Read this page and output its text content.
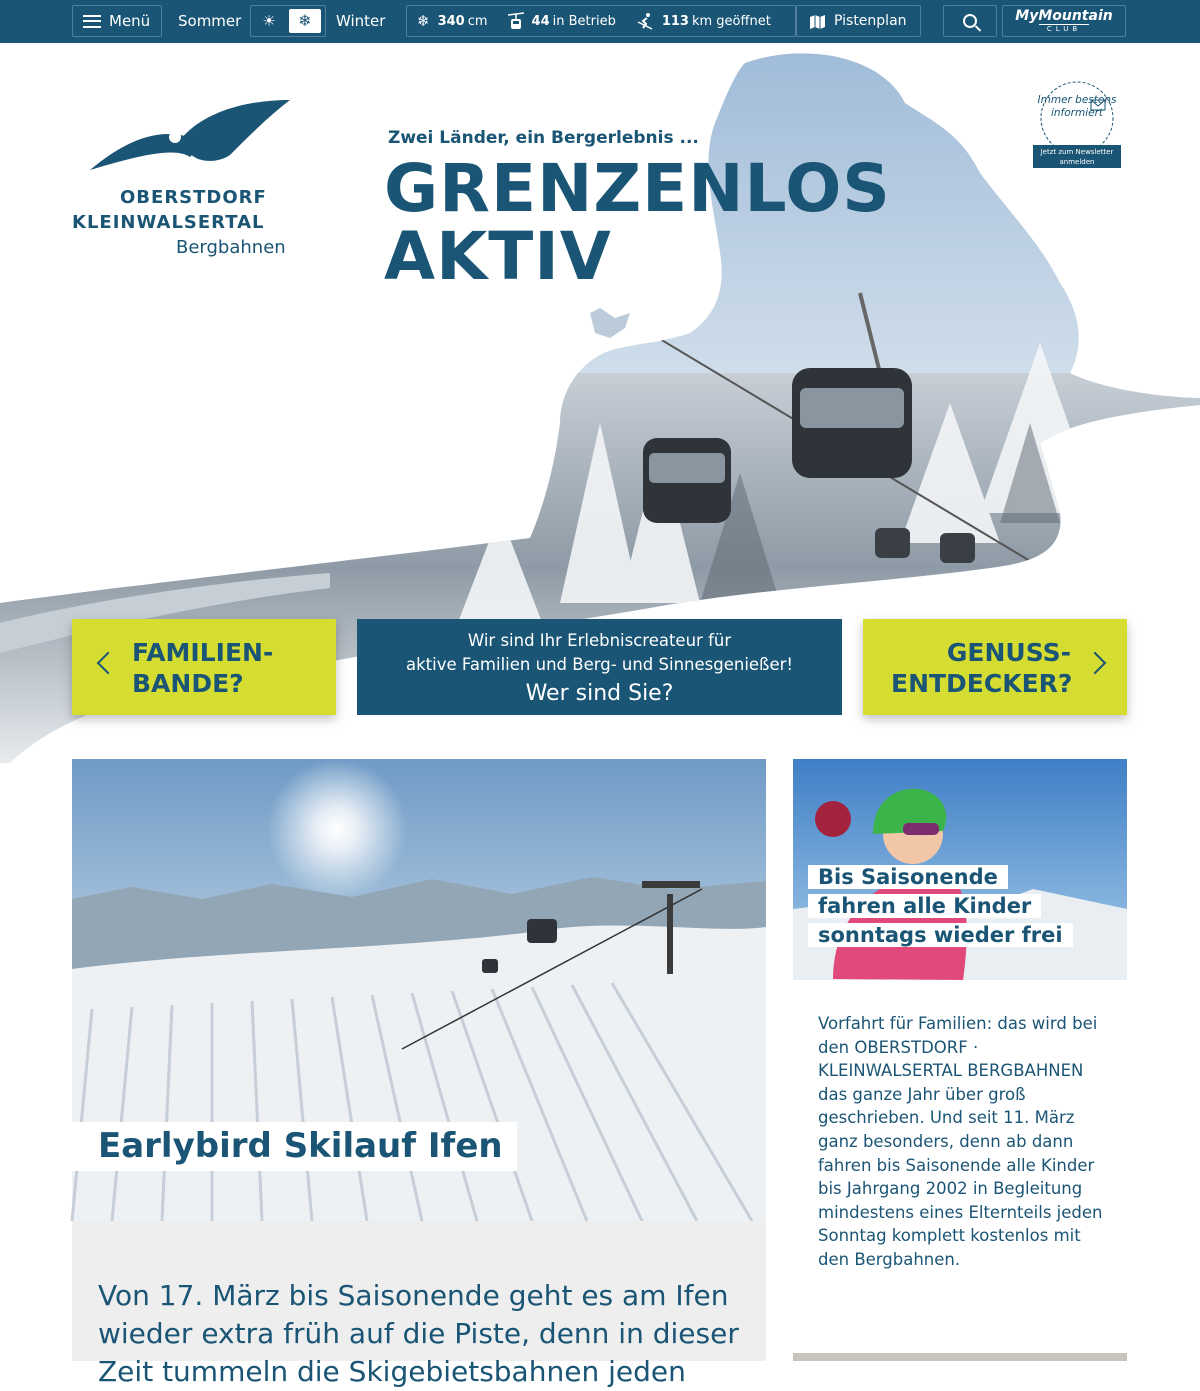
Menü Sommer	☀	❄	Winter ❄ 340 cm	44 in Betrieb	113 km geöffnet	Pistenplan	MyMountain
CLUB
OBERSTDORF
KLEINWALSERTAL
Bergbahnen
Zwei Länder, ein Bergerlebnis ...
GRENZENLOS
AKTIV
Immer bestens informiert
Jetzt zum Newsletter anmelden
FAMILIEN-
BANDE?
Wir sind Ihr Erlebniscreateur für
aktive Familien und Berg- und Sinnesgenießer!
Wer sind Sie?
GENUSS-
ENTDECKER?
Earlybird Skilauf Ifen

Von 17. März bis Saisonende geht es am Ifen wieder extra früh auf die Piste, denn in dieser Zeit tummeln die Skigebietsbahnen jeden

Bis Saisonende fahren alle Kinder sonntags wieder frei
Vorfahrt für Familien: das wird bei den OBERSTDORF · KLEINWALSERTAL BERGBAHNEN das ganze Jahr über groß geschrieben. Und seit 11. März ganz besonders, denn ab dann fahren bis Saisonende alle Kinder bis Jahrgang 2002 in Begleitung mindestens eines Elternteils jeden Sonntag komplett kostenlos mit den Bergbahnen.
